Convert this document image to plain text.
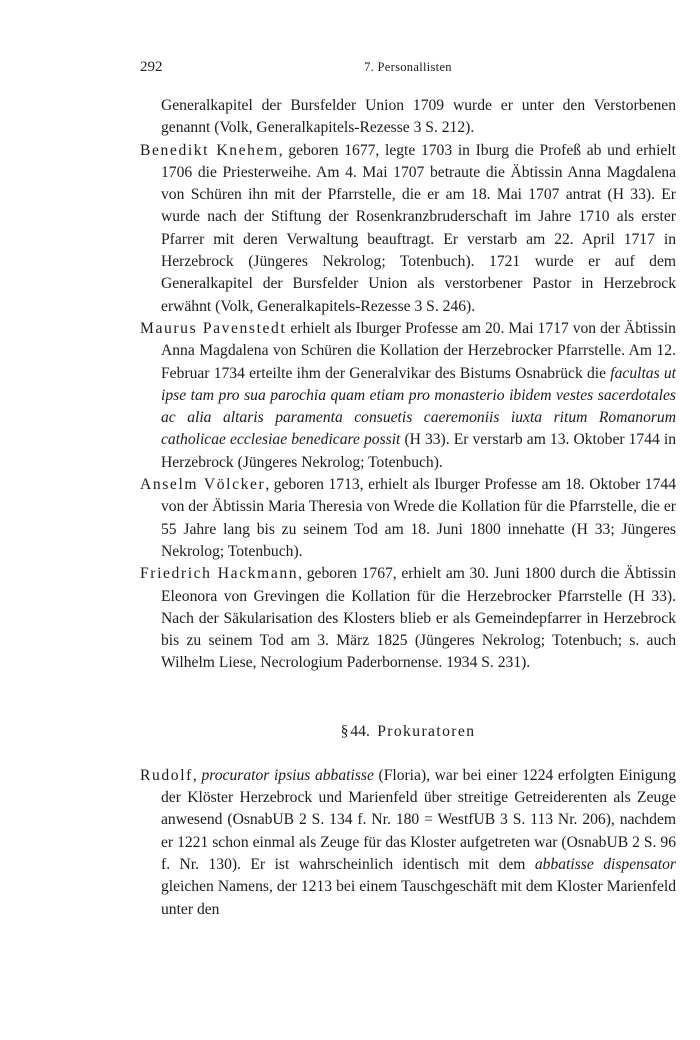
292	7. Personallisten

Generalkapitel der Bursfelder Union 1709 wurde er unter den Verstorbenen genannt (Volk, Generalkapitels-Rezesse 3 S. 212).

Benedikt Knehem, geboren 1677, legte 1703 in Iburg die Profeß ab und erhielt 1706 die Priesterweihe. Am 4. Mai 1707 betraute die Äbtissin Anna Magdalena von Schüren ihn mit der Pfarrstelle, die er am 18. Mai 1707 antrat (H 33). Er wurde nach der Stiftung der Rosenkranzbruderschaft im Jahre 1710 als erster Pfarrer mit deren Verwaltung beauftragt. Er verstarb am 22. April 1717 in Herzebrock (Jüngeres Nekrolog; Totenbuch). 1721 wurde er auf dem Generalkapitel der Bursfelder Union als verstorbener Pastor in Herzebrock erwähnt (Volk, Generalkapitels-Rezesse 3 S. 246).

Maurus Pavenstedt erhielt als Iburger Professe am 20. Mai 1717 von der Äbtissin Anna Magdalena von Schüren die Kollation der Herzebrocker Pfarrstelle. Am 12. Februar 1734 erteilte ihm der Generalvikar des Bistums Osnabrück die facultas ut ipse tam pro sua parochia quam etiam pro monasterio ibidem vestes sacerdotales ac alia altaris paramenta consuetis caeremoniis iuxta ritum Romanorum catholicae ecclesiae benedicare possit (H 33). Er verstarb am 13. Oktober 1744 in Herzebrock (Jüngeres Nekrolog; Totenbuch).

Anselm Völcker, geboren 1713, erhielt als Iburger Professe am 18. Oktober 1744 von der Äbtissin Maria Theresia von Wrede die Kollation für die Pfarrstelle, die er 55 Jahre lang bis zu seinem Tod am 18. Juni 1800 innehatte (H 33; Jüngeres Nekrolog; Totenbuch).

Friedrich Hackmann, geboren 1767, erhielt am 30. Juni 1800 durch die Äbtissin Eleonora von Grevingen die Kollation für die Herzebrocker Pfarrstelle (H 33). Nach der Säkularisation des Klosters blieb er als Gemeindepfarrer in Herzebrock bis zu seinem Tod am 3. März 1825 (Jüngeres Nekrolog; Totenbuch; s. auch Wilhelm Liese, Necrologium Paderbornense. 1934 S. 231).

§ 44. Prokuratoren

Rudolf, procurator ipsius abbatisse (Floria), war bei einer 1224 erfolgten Einigung der Klöster Herzebrock und Marienfeld über streitige Getreiderenten als Zeuge anwesend (OsnabUB 2 S. 134 f. Nr. 180 = WestfUB 3 S. 113 Nr. 206), nachdem er 1221 schon einmal als Zeuge für das Kloster aufgetreten war (OsnabUB 2 S. 96 f. Nr. 130). Er ist wahrscheinlich identisch mit dem abbatisse dispensator gleichen Namens, der 1213 bei einem Tauschgeschäft mit dem Kloster Marienfeld unter den
